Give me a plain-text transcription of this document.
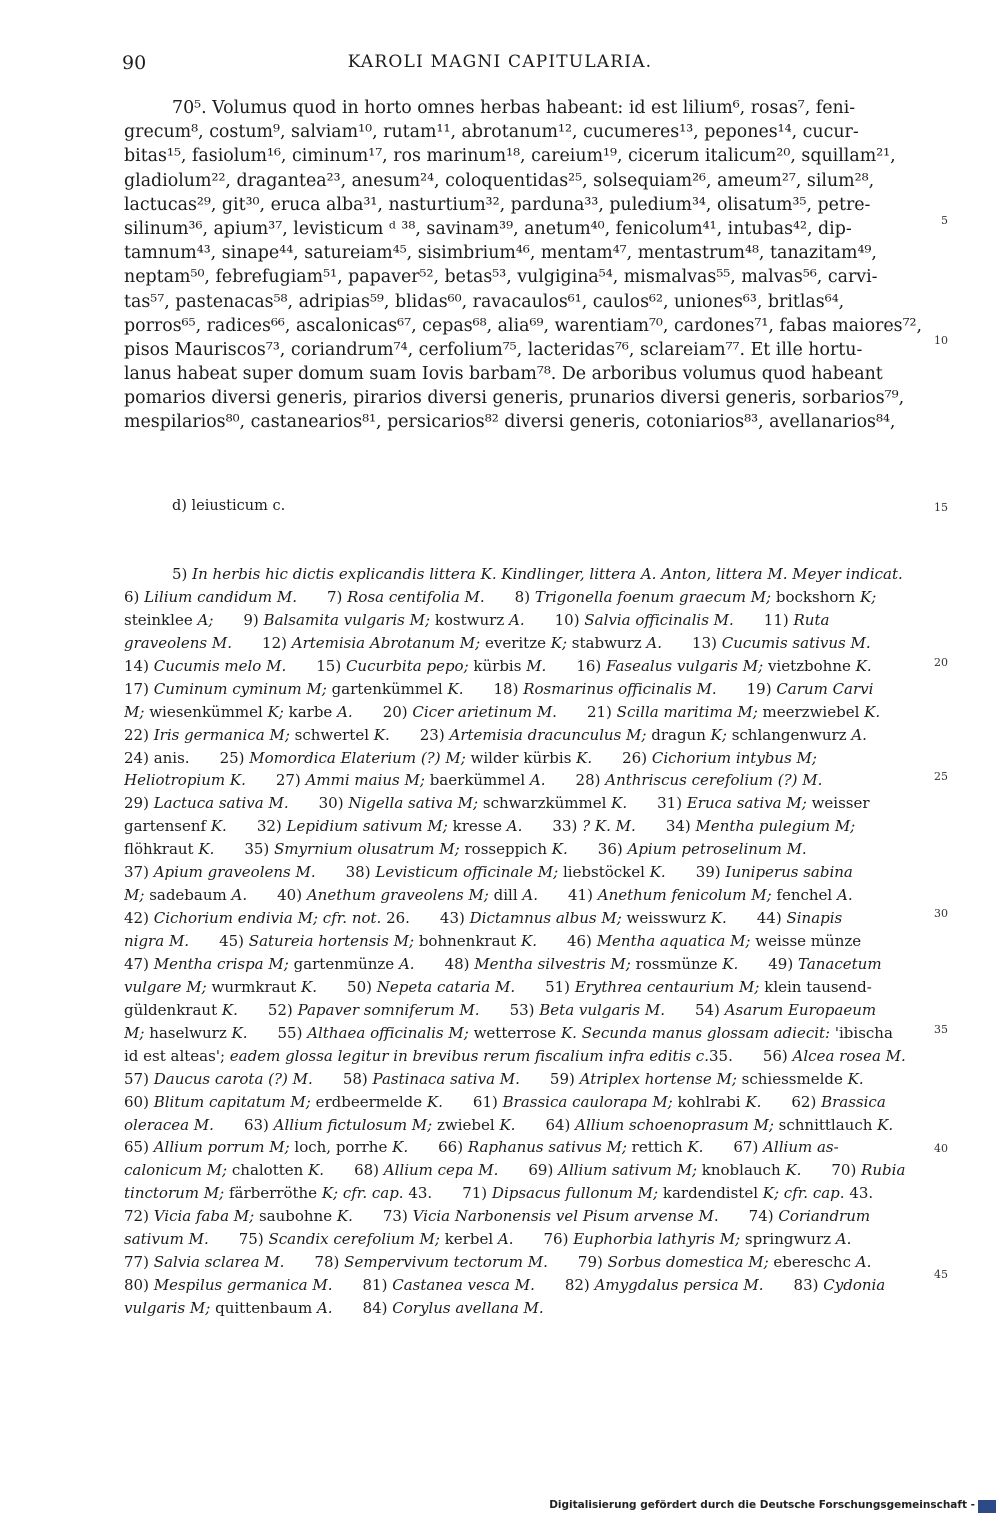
90	KAROLI MAGNI CAPITULARIA.
70⁵. Volumus quod in horto omnes herbas habeant: id est lilium⁶, rosas⁷, feni-
grecum⁸, costum⁹, salviam¹⁰, rutam¹¹, abrotanum¹², cucumeres¹³, pepones¹⁴, cucur-
bitas¹⁵, fasiolum¹⁶, ciminum¹⁷, ros marinum¹⁸, careium¹⁹, cicerum italicum²⁰, squillam²¹,
gladiolum²², dragantea²³, anesum²⁴, coloquentidas²⁵, solsequiam²⁶, ameum²⁷, silum²⁸,
lactucas²⁹, git³⁰, eruca alba³¹, nasturtium³², parduna³³, puledium³⁴, olisatum³⁵, petre-
silinum³⁶, apium³⁷, levisticum ᵈ ³⁸, savinam³⁹, anetum⁴⁰, fenicolum⁴¹, intubas⁴², dip-
tamnum⁴³, sinape⁴⁴, satureiam⁴⁵, sisimbrium⁴⁶, mentam⁴⁷, mentastrum⁴⁸, tanazitam⁴⁹,
neptam⁵⁰, febrefugiam⁵¹, papaver⁵², betas⁵³, vulgigina⁵⁴, mismalvas⁵⁵, malvas⁵⁶, carvi-
tas⁵⁷, pastenacas⁵⁸, adripias⁵⁹, blidas⁶⁰, ravacaulos⁶¹, caulos⁶², uniones⁶³, britlas⁶⁴,
porros⁶⁵, radices⁶⁶, ascalonicas⁶⁷, cepas⁶⁸, alia⁶⁹, warentiam⁷⁰, cardones⁷¹, fabas maiores⁷²,
pisos Mauriscos⁷³, coriandrum⁷⁴, cerfolium⁷⁵, lacteridas⁷⁶, sclareiam⁷⁷. Et ille hortu-
lanus habeat super domum suam Iovis barbam⁷⁸. De arboribus volumus quod habeant
pomarios diversi generis, pirarios diversi generis, prunarios diversi generis, sorbarios⁷⁹,
mespilarios⁸⁰, castanearios⁸¹, persicarios⁸² diversi generis, cotoniarios⁸³, avellanarios⁸⁴,
5
10
d) leiusticum c.	15
5) In herbis hic dictis explicandis littera K. Kindlinger, littera A. Anton, littera M. Meyer indicat.
6) Lilium candidum M.  7) Rosa centifolia M.  8) Trigonella foenum graecum M; bockshorn K;
steinklee A;  9) Balsamita vulgaris M; kostwurz A.  10) Salvia officinalis M.  11) Ruta
graveolens M.  12) Artemisia Abrotanum M; everitze K; stabwurz A.  13) Cucumis sativus M.
14) Cucumis melo M.  15) Cucurbita pepo; kürbis M.  16) Fasealus vulgaris M; vietzbohne K.
17) Cuminum cyminum M; gartenkümmel K.  18) Rosmarinus officinalis M.  19) Carum Carvi
M; wiesenkümmel K; karbe A.  20) Cicer arietinum M.  21) Scilla maritima M; meerzwiebel K.
22) Iris germanica M; schwertel K.  23) Artemisia dracunculus M; dragun K; schlangenwurz A.
24) anis.  25) Momordica Elaterium (?) M; wilder kürbis K.  26) Cichorium intybus M;
Heliotropium K.  27) Ammi maius M; baerkümmel A.  28) Anthriscus cerefolium (?) M.
29) Lactuca sativa M.  30) Nigella sativa M; schwarzkümmel K.  31) Eruca sativa M; weisser
gartensenf K.  32) Lepidium sativum M; kresse A.  33) ? K. M.  34) Mentha pulegium M;
flöhkraut K.  35) Smyrnium olusatrum M; rosseppich K.  36) Apium petroselinum M.
37) Apium graveolens M.  38) Levisticum officinale M; liebstöckel K.  39) Iuniperus sabina
M; sadebaum A.  40) Anethum graveolens M; dill A.  41) Anethum fenicolum M; fenchel A.
42) Cichorium endivia M; cfr. not. 26.  43) Dictamnus albus M; weisswurz K.  44) Sinapis
nigra M.  45) Satureia hortensis M; bohnenkraut K.  46) Mentha aquatica M; weisse münze
47) Mentha crispa M; gartenmünze A.  48) Mentha silvestris M; rossmünze K.  49) Tanacetum
vulgare M; wurmkraut K.  50) Nepeta cataria M.  51) Erythrea centaurium M; klein tausend-
güldenkraut K.  52) Papaver somniferum M.  53) Beta vulgaris M.  54) Asarum Europaeum
M; haselwurz K.  55) Althaea officinalis M; wetterrose K. Secunda manus glossam adiecit: 'ibischa
id est alteas'; eadem glossa legitur in brevibus rerum fiscalium infra editis c.35.  56) Alcea rosea M.
57) Daucus carota (?) M.  58) Pastinaca sativa M.  59) Atriplex hortense M; schiessmelde K.
60) Blitum capitatum M; erdbeermelde K.  61) Brassica caulorapa M; kohlrabi K.  62) Brassica
oleracea M.  63) Allium fictulosum M; zwiebel K.  64) Allium schoenoprasum M; schnittlauch K.
65) Allium porrum M; loch, porrhe K.  66) Raphanus sativus M; rettich K.  67) Allium as-
calonicum M; chalotten K.  68) Allium cepa M.  69) Allium sativum M; knoblauch K.  70) Rubia
tinctorum M; färberröthe K; cfr. cap. 43.  71) Dipsacus fullonum M; kardendistel K; cfr. cap. 43.
72) Vicia faba M; saubohne K.  73) Vicia Narbonensis vel Pisum arvense M.  74) Coriandrum
sativum M.  75) Scandix cerefolium M; kerbel A.  76) Euphorbia lathyris M; springwurz A.
77) Salvia sclarea M.  78) Sempervivum tectorum M.  79) Sorbus domestica M; ebereschc A.
80) Mespilus germanica M.  81) Castanea vesca M.  82) Amygdalus persica M.  83) Cydonia
vulgaris M; quittenbaum A.  84) Corylus avellana M.
20
25
30
35
40
45
Digitalisierung gefördert durch die Deutsche Forschungsgemeinschaft -
